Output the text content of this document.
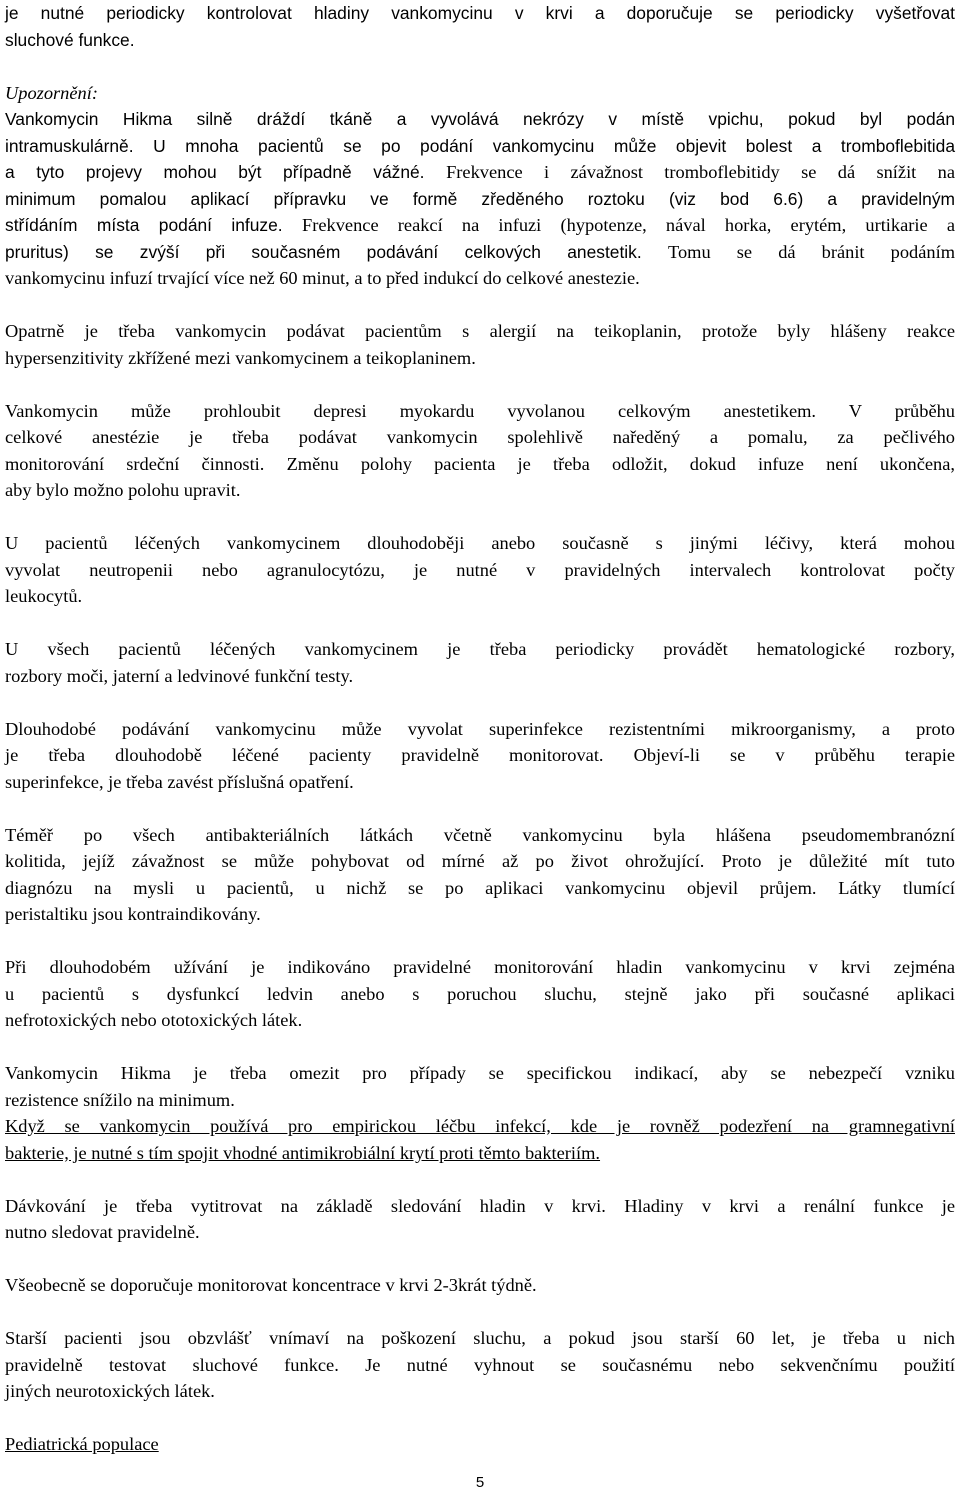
je nutné periodicky kontrolovat hladiny vankomycinu v krvi a doporučuje se periodicky vyšetřovat
sluchové funkce.
Upozornění:
Vankomycin Hikma silně dráždí tkáně a vyvolává nekrózy v místě vpichu, pokud byl podán
intramuskulárně. U mnoha pacientů se po podání vankomycinu může objevit bolest a tromboflebitida
a tyto projevy mohou být případně vážné. Frekvence i závažnost tromboflebitidy se dá snížit na
minimum pomalou aplikací přípravku ve formě zředěného roztoku (viz bod 6.6) a pravidelným
střídáním místa podání infuze. Frekvence reakcí na infuzi (hypotenze, nával horka, erytém, urtikarie a
pruritus) se zvýší při současném podávání celkových anestetik. Tomu se dá bránit podáním
vankomycinu infuzí trvající více než 60 minut, a to před indukcí do celkové anestezie.
Opatrně je třeba vankomycin podávat pacientům s alergií na teikoplanin, protože byly hlášeny reakce
hypersenzitivity zkřížené mezi vankomycinem a teikoplaninem.
Vankomycin může prohloubit depresi myokardu vyvolanou celkovým anestetikem. V průběhu
celkové anestézie je třeba podávat vankomycin spolehlivě naředěný a pomalu, za pečlivého
monitorování srdeční činnosti. Změnu polohy pacienta je třeba odložit, dokud infuze není ukončena,
aby bylo možno polohu upravit.
U pacientů léčených vankomycinem dlouhodoběji anebo současně s jinými léčivy, která mohou
vyvolat neutropenii nebo agranulocytózu, je nutné v pravidelných intervalech kontrolovat počty
leukocytů.
U všech pacientů léčených vankomycinem je třeba periodicky provádět hematologické rozbory,
rozbory moči, jaterní a ledvinové funkční testy.
Dlouhodobé podávání vankomycinu může vyvolat superinfekce rezistentními mikroorganismy, a proto
je třeba dlouhodobě léčené pacienty pravidelně monitorovat. Objeví-li se v průběhu terapie
superinfekce, je třeba zavést příslušná opatření.
Téměř po všech antibakteriálních látkách včetně vankomycinu byla hlášena pseudomembranózní
kolitida, jejíž závažnost se může pohybovat od mírné až po život ohrožující. Proto je důležité mít tuto
diagnózu na mysli u pacientů, u nichž se po aplikaci vankomycinu objevil průjem. Látky tlumící
peristaltiku jsou kontraindikovány.
Při dlouhodobém užívání je indikováno pravidelné monitorování hladin vankomycinu v krvi zejména
u pacientů s dysfunkcí ledvin anebo s poruchou sluchu, stejně jako při současné aplikaci
nefrotoxických nebo ototoxických látek.
Vankomycin Hikma je třeba omezit pro případy se specifickou indikací, aby se nebezpečí vzniku
rezistence snížilo na minimum.
Když se vankomycin používá pro empirickou léčbu infekcí, kde je rovněž podezření na gramnegativní
bakterie, je nutné s tím spojit vhodné antimikrobiální krytí proti těmto bakteriím.
Dávkování je třeba vytitrovat na základě sledování hladin v krvi. Hladiny v krvi a renální funkce je
nutno sledovat pravidelně.
Všeobecně se doporučuje monitorovat koncentrace v krvi 2-3krát týdně.
Starší pacienti jsou obzvlášť vnímaví na poškození sluchu, a pokud jsou starší 60 let, je třeba u nich
pravidelně testovat sluchové funkce. Je nutné vyhnout se současnému nebo sekvenčnímu použití
jiných neurotoxických látek.
Pediatrická populace
5
